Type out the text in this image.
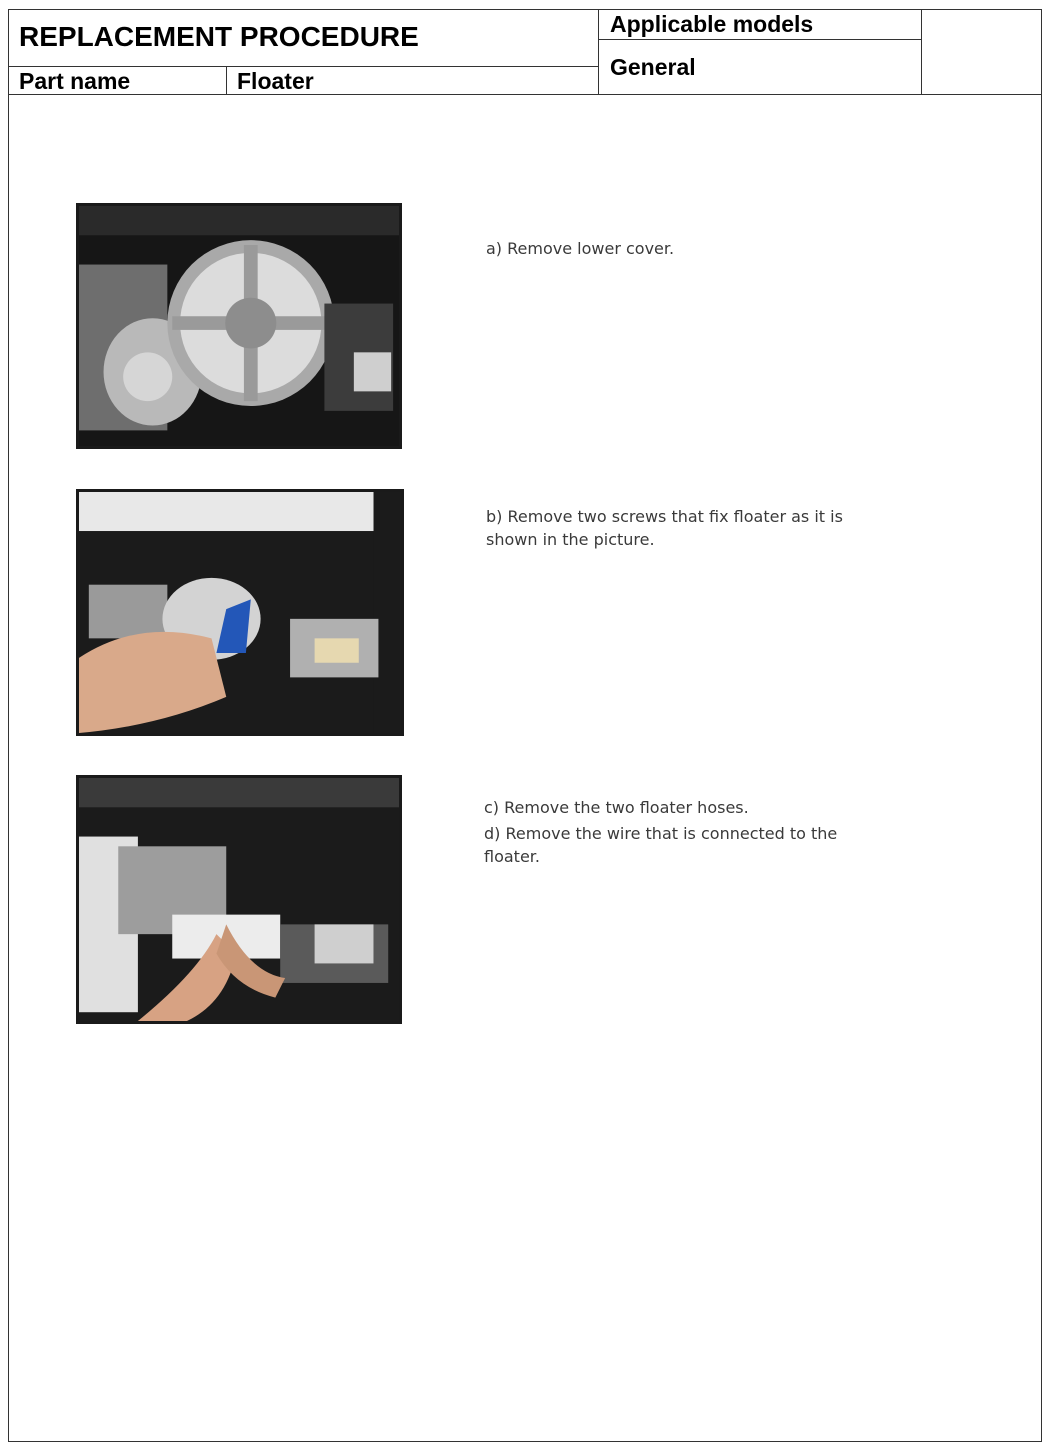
REPLACEMENT PROCEDURE
Part name	Floater
Applicable models
General

a) Remove lower cover.

b) Remove two screws that fix floater as it is shown in the picture.

c) Remove the two floater hoses.

d) Remove the wire that is connected to the floater.
